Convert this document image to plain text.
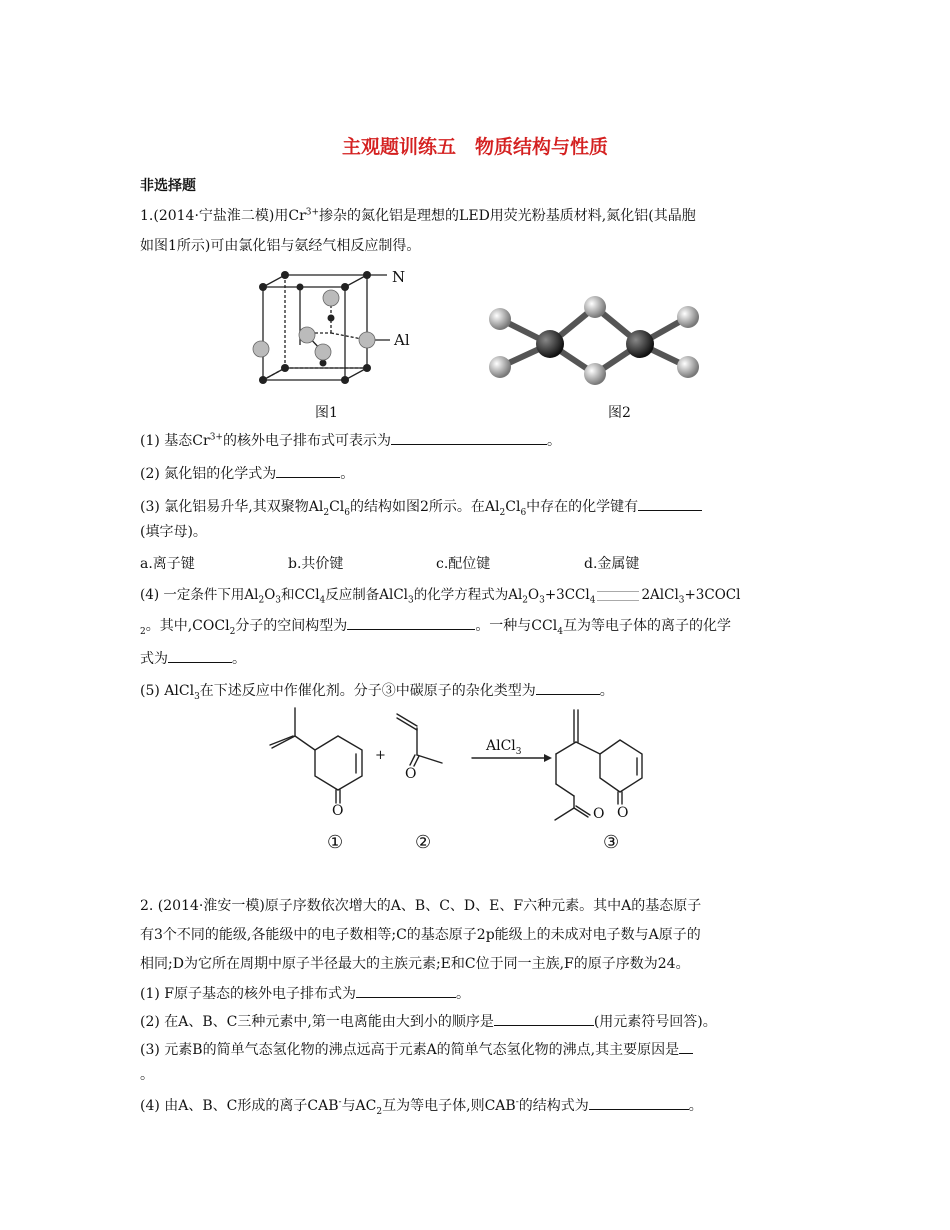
主观题训练五　物质结构与性质
非选择题
1.(2014·宁盐淮二模)用$Cr^{3+}$掺杂的氮化铝是理想的LED用荧光粉基质材料,氮化铝(其晶胞
如图1所示)可由氯化铝与氨经气相反应制得。
N
Al
图1	图2
(1) 基态$Cr^{3+}$的核外电子排布式可表示为	。
(2) 氮化铝的化学式为	。
(3) 氯化铝易升华,其双聚物$Al_2Cl_6$的结构如图2所示。在$Al_2Cl_6$中存在的化学键有
(填字母)。
a.离子键	b.共价键	c.配位键	d.金属键
(4) 一定条件下用$Al_2O_3$和CCl$_4$反应制备AlCl$_3$的化学方程式为$Al_2O_3+3CCl_4$	2AlCl$_3$+3COCl
$_2$。其中,COCl$_2$分子的空间构型为	。一种与CCl$_4$互为等电子体的离子的化学
式为	。
(5) AlCl$_3$在下述反应中作催化剂。分子③中碳原子的杂化类型为	。
O
O
O O
+
AlCl$_3$
①	②	③
2. (2014·淮安一模)原子序数依次增大的A、B、C、D、E、F六种元素。其中A的基态原子
有3个不同的能级,各能级中的电子数相等;C的基态原子2p能级上的未成对电子数与A原子的
相同;D为它所在周期中原子半径最大的主族元素;E和C位于同一主族,F的原子序数为24。
(1) F原子基态的核外电子排布式为	。
(2) 在A、B、C三种元素中,第一电离能由大到小的顺序是	(用元素符号回答)。
(3) 元素B的简单气态氢化物的沸点远高于元素A的简单气态氢化物的沸点,其主要原因是
。
(4) 由A、B、C形成的离子CAB-与$AC_2$互为等电子体,则CAB-的结构式为	。
